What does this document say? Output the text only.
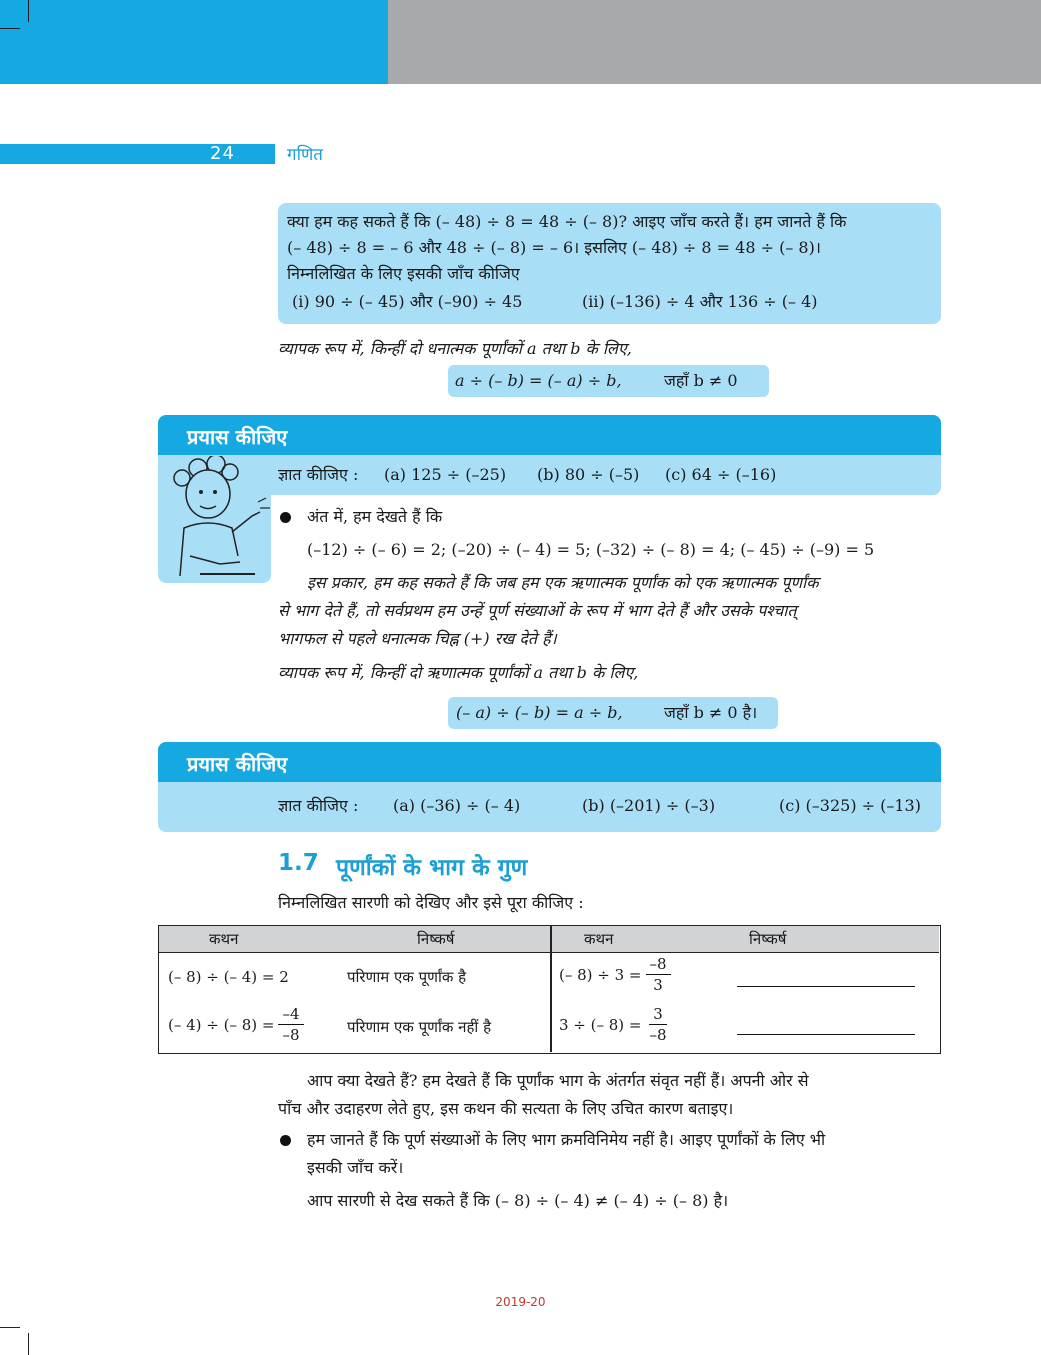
24	गणित
क्या हम कह सकते हैं कि (– 48) ÷ 8 = 48 ÷ (– 8)? आइए जाँच करते हैं। हम जानते हैं कि
(– 48) ÷ 8 = – 6 और 48 ÷ (– 8) = – 6। इसलिए (– 48) ÷ 8 = 48 ÷ (– 8)।
निम्नलिखित के लिए इसकी जाँच कीजिए
(i) 90 ÷ (– 45) और (–90) ÷ 45	(ii) (–136) ÷ 4 और 136 ÷ (– 4)
व्यापक रूप में, किन्हीं दो धनात्मक पूर्णांकों a तथा b के लिए,
a ÷ (– b) = (– a) ÷ b,	जहाँ b ≠ 0
प्रयास कीजिए
ज्ञात कीजिए : (a) 125 ÷ (–25) (b) 80 ÷ (–5) (c) 64 ÷ (–16)
अंत में, हम देखते हैं कि
(–12) ÷ (– 6) = 2; (–20) ÷ (– 4) = 5; (–32) ÷ (– 8) = 4; (– 45) ÷ (–9) = 5
इस प्रकार, हम कह सकते हैं कि जब हम एक ऋणात्मक पूर्णांक को एक ऋणात्मक पूर्णांक
से भाग देते हैं, तो सर्वप्रथम हम उन्हें पूर्ण संख्याओं के रूप में भाग देते हैं और उसके पश्चात्
भागफल से पहले धनात्मक चिह्न (+) रख देते हैं।
व्यापक रूप में, किन्हीं दो ऋणात्मक पूर्णांकों a तथा b के लिए,
(– a) ÷ (– b) = a ÷ b,	जहाँ b ≠ 0 है।
प्रयास कीजिए
ज्ञात कीजिए : (a) (–36) ÷ (– 4)	(b) (–201) ÷ (–3)	(c) (–325) ÷ (–13)
1.7 पूर्णांकों के भाग के गुण
निम्नलिखित सारणी को देखिए और इसे पूरा कीजिए :
कथन	निष्कर्ष	कथन	निष्कर्ष
(– 8) ÷ (– 4) = 2	परिणाम एक पूर्णांक है	(– $8) \div 3 = \frac{-8}{3}$
(– 4) ÷ (– $8) = \frac{-4}{-8}$	परिणाम एक पूर्णांक नहीं है	3 ÷ (– $8) = \frac{3}{-8}$
आप क्या देखते हैं? हम देखते हैं कि पूर्णांक भाग के अंतर्गत संवृत नहीं हैं। अपनी ओर से
पाँच और उदाहरण लेते हुए, इस कथन की सत्यता के लिए उचित कारण बताइए।
हम जानते हैं कि पूर्ण संख्याओं के लिए भाग क्रमविनिमेय नहीं है। आइए पूर्णांकों के लिए भी
इसकी जाँच करें।
आप सारणी से देख सकते हैं कि (– 8) ÷ (– 4) ≠ (– 4) ÷ (– 8) है।
2019-20
